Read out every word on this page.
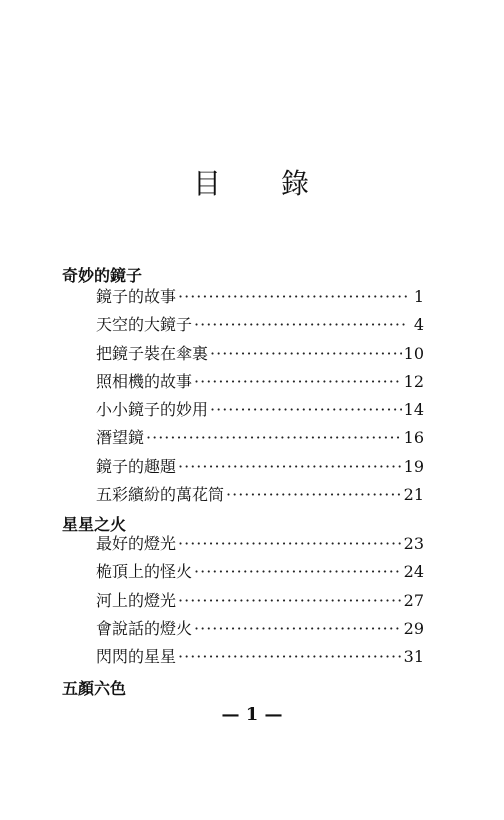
目 錄
奇妙的鏡子
鏡子的故事 ·····	1
天空的大鏡子 ·····	4
把鏡子裝在傘裏 ·····	10
照相機的故事 ·····	12
小小鏡子的妙用 ·····	14
潛望鏡 ·····	16
鏡子的趣題 ·····	19
五彩繽紛的萬花筒 ·····	21
星星之火
最好的燈光 ·····	23
桅頂上的怪火 ·····	24
河上的燈光 ·····	27
會說話的燈火 ·····	29
閃閃的星星 ·····	31
五顏六色
— 1 —
